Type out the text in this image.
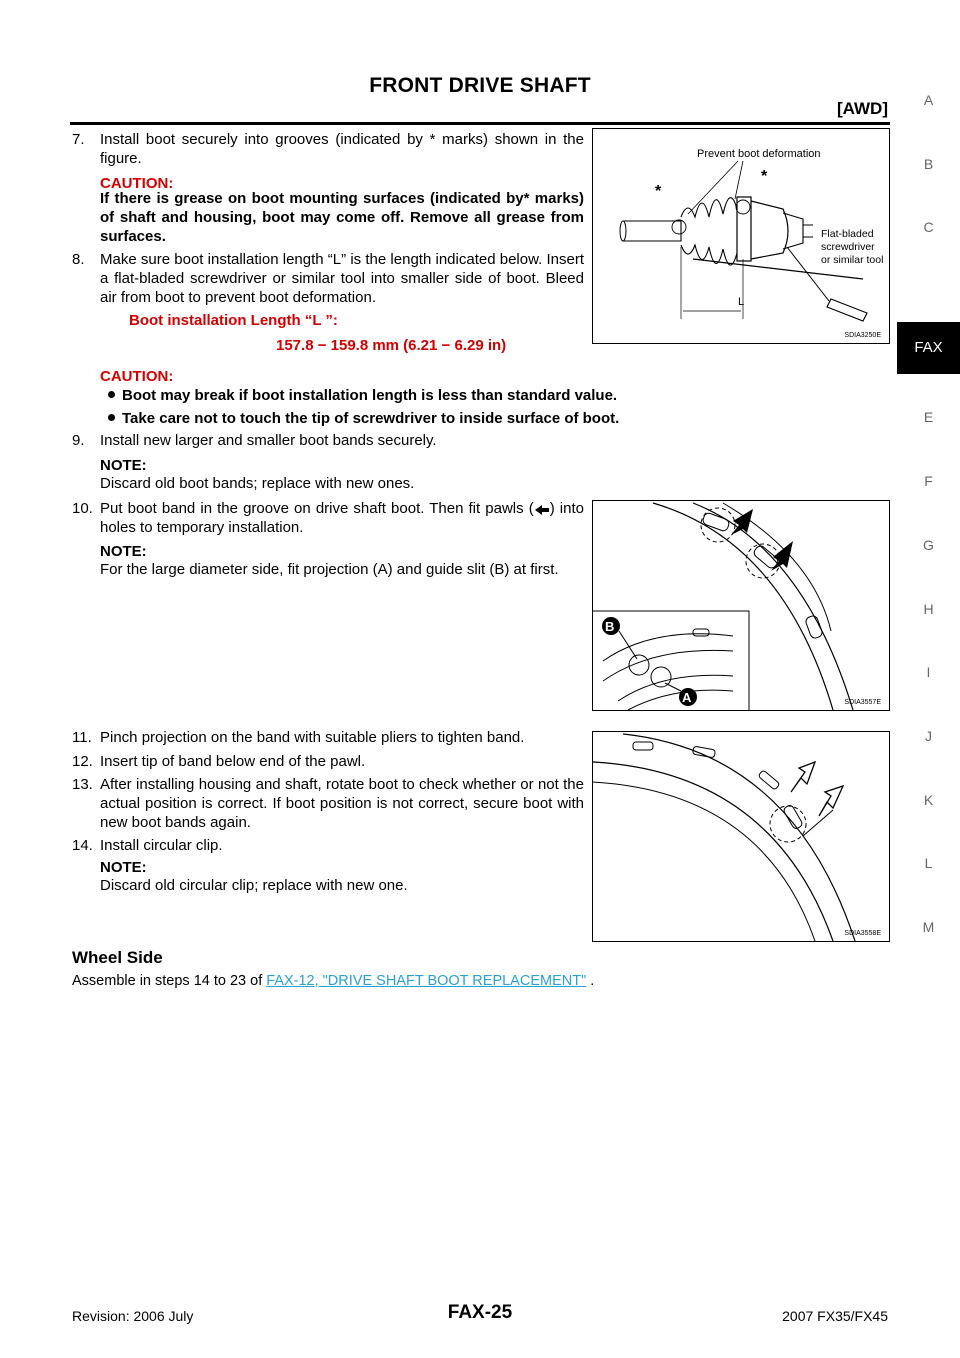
FRONT DRIVE SHAFT
[AWD]	A
B
C
FAX
E
F
G
H
I
J
K
L
M
7. Install boot securely into grooves (indicated by * marks) shown in the figure.
CAUTION:
If there is grease on boot mounting surfaces (indicated by* marks) of shaft and housing, boot may come off. Remove all grease from surfaces.
8. Make sure boot installation length “L” is the length indicated below. Insert a flat-bladed screwdriver or similar tool into smaller side of boot. Bleed air from boot to prevent boot deformation.
Boot installation Length “L ”:
157.8 − 159.8 mm (6.21 − 6.29 in)
CAUTION:
Boot may break if boot installation length is less than standard value.
Take care not to touch the tip of screwdriver to inside surface of boot.
9. Install new larger and smaller boot bands securely.
NOTE:
Discard old boot bands; replace with new ones.
10. Put boot band in the groove on drive shaft boot. Then fit pawls ( ) into holes to temporary installation.
NOTE:
For the large diameter side, fit projection (A) and guide slit (B) at first.
11. Pinch projection on the band with suitable pliers to tighten band.
12. Insert tip of band below end of the pawl.
13. After installing housing and shaft, rotate boot to check whether or not the actual position is correct. If boot position is not correct, secure boot with new boot bands again.
14. Install circular clip.
NOTE:
Discard old circular clip; replace with new one.
Prevent boot deformation
*
*
Flat-bladed
screwdriver
or similar tool
L
SDIA3250E
B
A	SDIA3557E
SDIA3558E
Wheel Side
Assemble in steps 14 to 23 of FAX-12, "DRIVE SHAFT BOOT REPLACEMENT" .
Revision: 2006 July	FAX-25	2007 FX35/FX45
